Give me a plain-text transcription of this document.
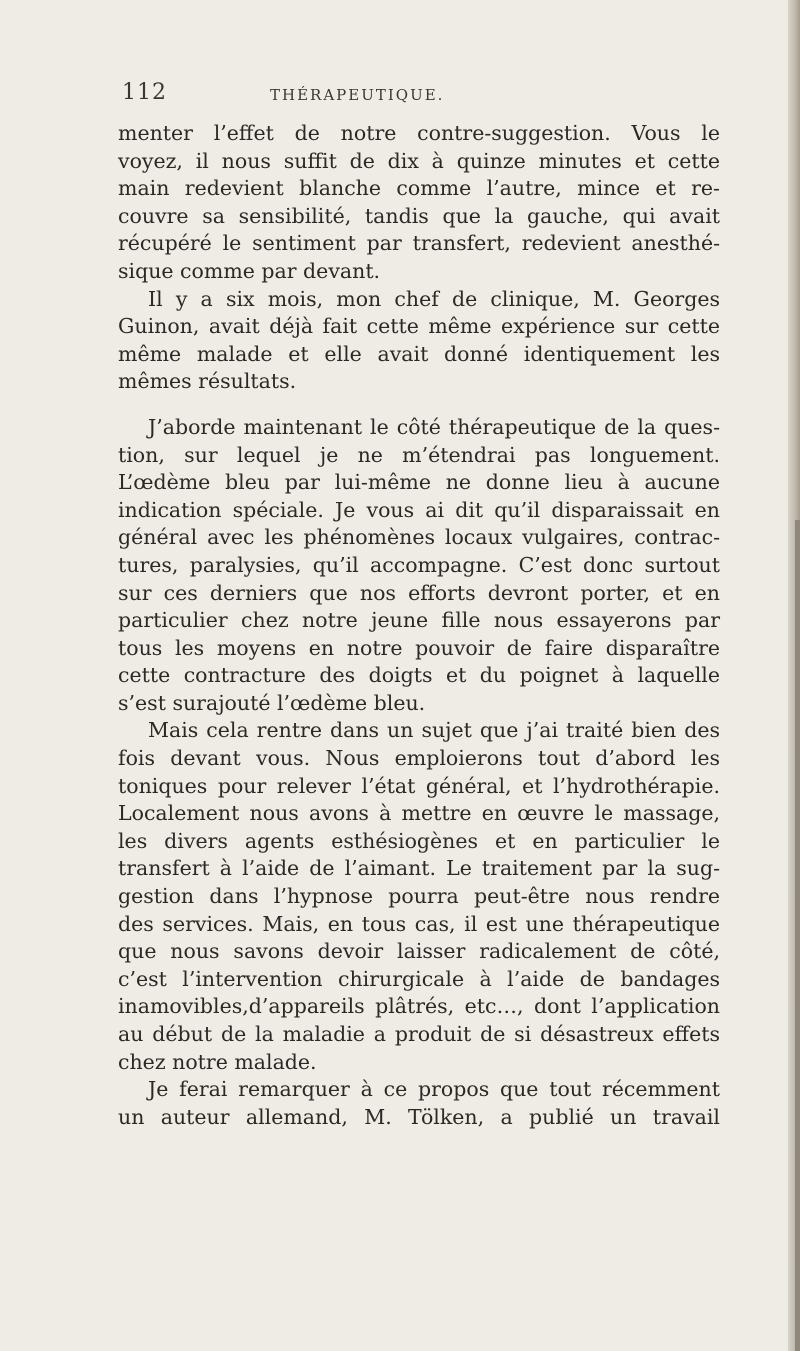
112	THÉRAPEUTIQUE.
menter l’effet de notre contre-suggestion. Vous le
voyez, il nous suffit de dix à quinze minutes et cette
main redevient blanche comme l’autre, mince et re-
couvre sa sensibilité, tandis que la gauche, qui avait
récupéré le sentiment par transfert, redevient anesthé-
sique comme par devant.
Il y a six mois, mon chef de clinique, M. Georges
Guinon, avait déjà fait cette même expérience sur cette
même malade et elle avait donné identiquement les
mêmes résultats.
J’aborde maintenant le côté thérapeutique de la ques-
tion, sur lequel je ne m’étendrai pas longuement.
L’œdème bleu par lui-même ne donne lieu à aucune
indication spéciale. Je vous ai dit qu’il disparaissait en
général avec les phénomènes locaux vulgaires, contrac-
tures, paralysies, qu’il accompagne. C’est donc surtout
sur ces derniers que nos efforts devront porter, et en
particulier chez notre jeune fille nous essayerons par
tous les moyens en notre pouvoir de faire disparaître
cette contracture des doigts et du poignet à laquelle
s’est surajouté l’œdème bleu.
Mais cela rentre dans un sujet que j’ai traité bien des
fois devant vous. Nous emploierons tout d’abord les
toniques pour relever l’état général, et l’hydrothérapie.
Localement nous avons à mettre en œuvre le massage,
les divers agents esthésiogènes et en particulier le
transfert à l’aide de l’aimant. Le traitement par la sug-
gestion dans l’hypnose pourra peut-être nous rendre
des services. Mais, en tous cas, il est une thérapeutique
que nous savons devoir laisser radicalement de côté,
c’est l’intervention chirurgicale à l’aide de bandages
inamovibles,d’appareils plâtrés, etc…, dont l’application
au début de la maladie a produit de si désastreux effets
chez notre malade.
Je ferai remarquer à ce propos que tout récemment
un auteur allemand, M. Tölken, a publié un travail
